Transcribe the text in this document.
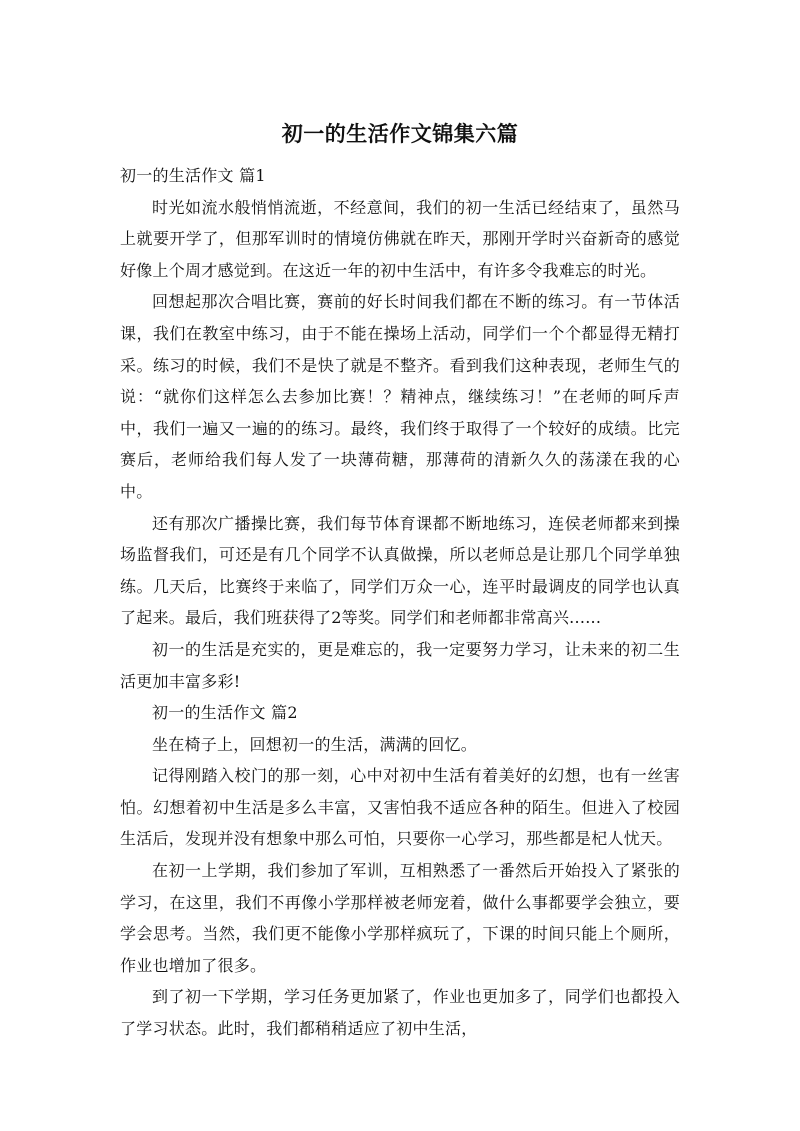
初一的生活作文锦集六篇

初一的生活作文 篇1

时光如流水般悄悄流逝，不经意间，我们的初一生活已经结束了，虽然马上就要开学了，但那军训时的情境仿佛就在昨天，那刚开学时兴奋新奇的感觉好像上个周才感觉到。在这近一年的初中生活中，有许多令我难忘的时光。

回想起那次合唱比赛，赛前的好长时间我们都在不断的练习。有一节体活课，我们在教室中练习，由于不能在操场上活动，同学们一个个都显得无精打采。练习的时候，我们不是快了就是不整齐。看到我们这种表现，老师生气的说：“就你们这样怎么去参加比赛！？精神点，继续练习！”在老师的呵斥声中，我们一遍又一遍的的练习。最终，我们终于取得了一个较好的成绩。比完赛后，老师给我们每人发了一块薄荷糖，那薄荷的清新久久的荡漾在我的心中。

还有那次广播操比赛，我们每节体育课都不断地练习，连侯老师都来到操场监督我们，可还是有几个同学不认真做操，所以老师总是让那几个同学单独练。几天后，比赛终于来临了，同学们万众一心，连平时最调皮的同学也认真了起来。最后，我们班获得了2等奖。同学们和老师都非常高兴......

初一的生活是充实的，更是难忘的，我一定要努力学习，让未来的初二生活更加丰富多彩!

初一的生活作文 篇2

坐在椅子上，回想初一的生活，满满的回忆。

记得刚踏入校门的那一刻，心中对初中生活有着美好的幻想，也有一丝害怕。幻想着初中生活是多么丰富，又害怕我不适应各种的陌生。但进入了校园生活后，发现并没有想象中那么可怕，只要你一心学习，那些都是杞人忧天。

在初一上学期，我们参加了军训，互相熟悉了一番然后开始投入了紧张的学习，在这里，我们不再像小学那样被老师宠着，做什么事都要学会独立，要学会思考。当然，我们更不能像小学那样疯玩了，下课的时间只能上个厕所，作业也增加了很多。

到了初一下学期，学习任务更加紧了，作业也更加多了，同学们也都投入了学习状态。此时，我们都稍稍适应了初中生活，
